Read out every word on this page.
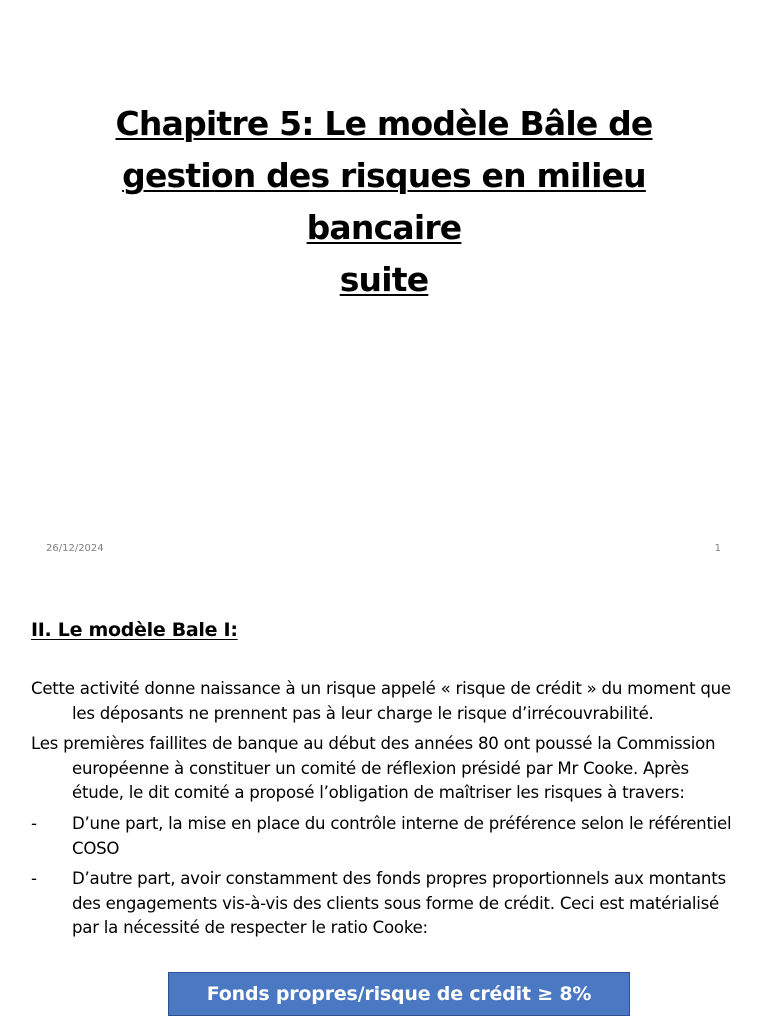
Chapitre 5: Le modèle Bâle de
gestion des risques en milieu
bancaire
suite
26/12/2024	1
II. Le modèle Bale I:

Cette activité donne naissance à un risque appelé « risque de crédit » du moment que les déposants ne prennent pas à leur charge le risque d’irrécouvrabilité.

Les premières faillites de banque au début des années 80 ont poussé la Commission européenne à constituer un comité de réflexion présidé par Mr Cooke. Après étude, le dit comité a proposé l’obligation de maîtriser les risques à travers:

- D’une part, la mise en place du contrôle interne de préférence selon le référentiel COSO
- D’autre part, avoir constamment des fonds propres proportionnels aux montants des engagements vis-à-vis des clients sous forme de crédit. Ceci est matérialisé par la nécessité de respecter le ratio Cooke:
Fonds propres/risque de crédit ≥ 8%
